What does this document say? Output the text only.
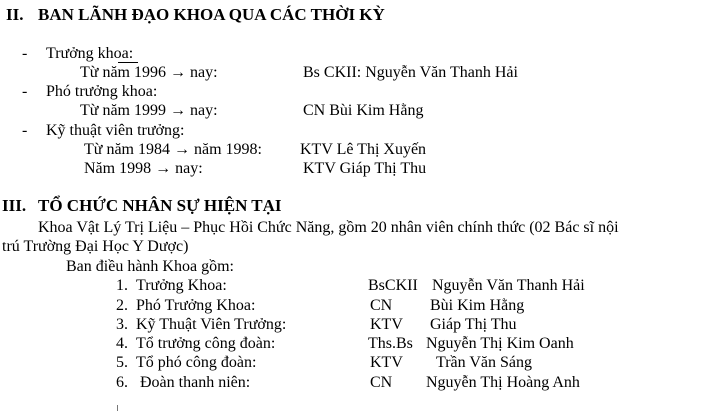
II. BAN LÃNH ĐẠO KHOA QUA CÁC THỜI KỲ
- Trưởng khoa:
Từ năm 1996 → nay:	Bs CKII: Nguyễn Văn Thanh Hải
- Phó trưởng khoa:
Từ năm 1999 → nay:	CN Bùi Kim Hằng
- Kỹ thuật viên trưởng:
Từ năm 1984 → năm 1998: KTV Lê Thị Xuyến
Năm 1998 → nay:	KTV Giáp Thị Thu
III. TỔ CHỨC NHÂN SỰ HIỆN TẠI
Khoa Vật Lý Trị Liệu – Phục Hồi Chức Năng, gồm 20 nhân viên chính thức (02 Bác sĩ nội
trú Trường Đại Học Y Dược)
Ban điều hành Khoa gồm:
1. Trưởng Khoa:	BsCKII Nguyễn Văn Thanh Hải
2. Phó Trưởng Khoa:	CN Bùi Kim Hằng
3. Kỹ Thuật Viên Trưởng:	KTV Giáp Thị Thu
4. Tổ trưởng công đoàn:	Ths.Bs Nguyễn Thị Kim Oanh
5. Tổ phó công đoàn:	KTV Trần Văn Sáng
6. Đoàn thanh niên:	CN Nguyễn Thị Hoàng Anh
